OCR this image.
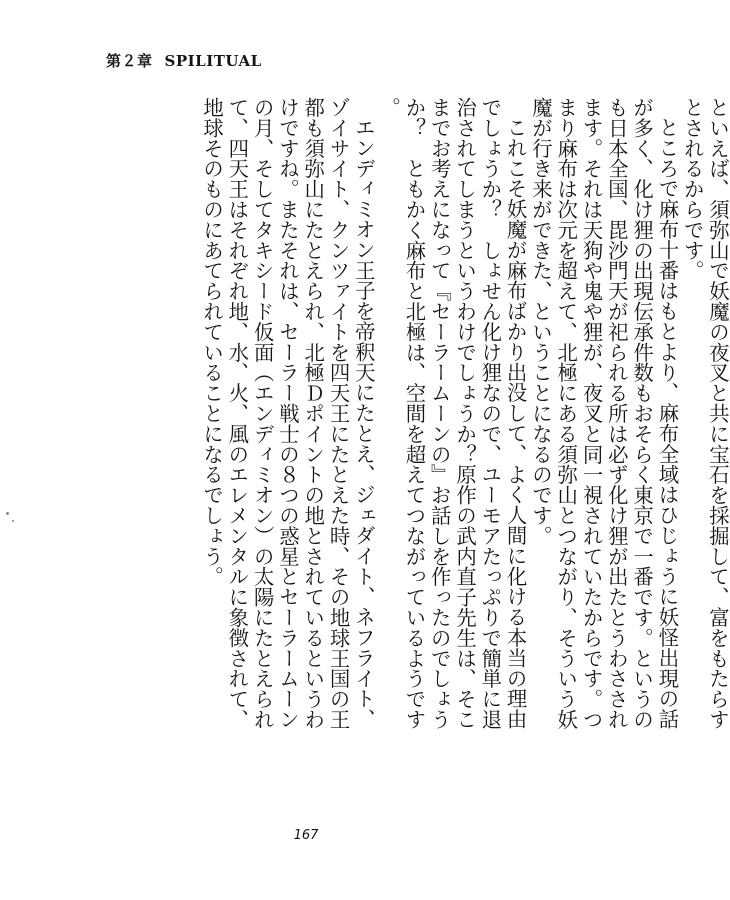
第２章 SPILITUAL

といえば、須弥山で妖魔の夜叉と共に宝石を採掘して、富をもたらすとされるからです。

ところで麻布十番はもとより、麻布全域はひじょうに妖怪出現の話が多く、化け狸の出現伝承件数もおそらく東京で一番です。というのも日本全国、毘沙門天が祀られる所は必ず化け狸が出たとうわさされます。それは天狗や鬼や狸が、夜叉と同一視されていたからです。つまり麻布は次元を超えて、北極にある須弥山とつながり、そういう妖魔が行き来ができた、ということになるのです。

これこそ妖魔が麻布ばかり出没して、よく人間に化ける本当の理由でしょうか？　しょせん化け狸なので、ユーモアたっぷりで簡単に退治されてしまうというわけでしょうか？原作の武内直子先生は、そこまでお考えになって『セーラームーンの』お話しを作ったのでしょうか？　ともかく麻布と北極は、空間を超えてつながっているようです。

エンディミオン王子を帝釈天にたとえ、ジェダイト、ネフライト、ゾイサイト、クンツァイトを四天王にたとえた時、その地球王国の王都も須弥山にたとえられ、北極Ｄポイントの地とされているというわけですね。またそれは、セーラー戦士の８つの惑星とセーラームーンの月、そしてタキシード仮面（エンディミオン）の太陽にたとえられて、四天王はそれぞれ地、水、火、風のエレメンタルに象徴されて、地球そのものにあてられていることになるでしょう。

167
